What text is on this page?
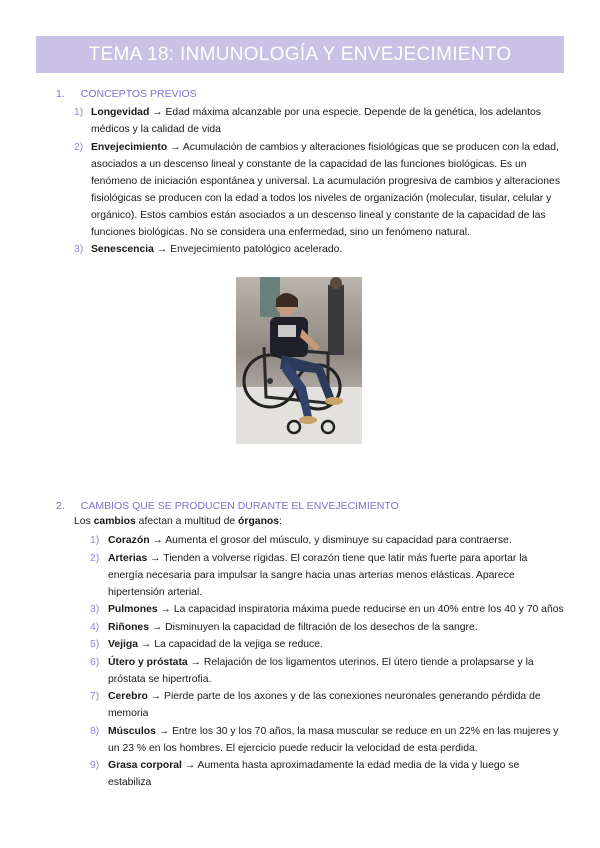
TEMA 18: INMUNOLOGÍA Y ENVEJECIMIENTO
1. CONCEPTOS PREVIOS
1) Longevidad → Edad máxima alcanzable por una especie. Depende de la genética, los adelantos médicos y la calidad de vida
2) Envejecimiento → Acumulación de cambios y alteraciones fisiológicas que se producen con la edad, asociados a un descenso lineal y constante de la capacidad de las funciones biológicas. Es un fenómeno de iniciación espontánea y universal. La acumulación progresiva de cambios y alteraciones fisiológicas se producen con la edad a todos los niveles de organización (molecular, tisular, celular y orgánico). Estos cambios están asociados a un descenso lineal y constante de la capacidad de las funciones biológicas. No se considera una enfermedad, sino un fenómeno natural.
3) Senescencia → Envejecimiento patológico acelerado.
2. CAMBIOS QUE SE PRODUCEN DURANTE EL ENVEJECIMIENTO
Los cambios afectan a multitud de órganos:
1) Corazón → Aumenta el grosor del músculo, y disminuye su capacidad para contraerse.
2) Arterias → Tienden a volverse rígidas. El corazón tiene que latir más fuerte para aportar la energía necesaria para impulsar la sangre hacia unas arterias menos elásticas. Aparece hipertensión arterial.
3) Pulmones → La capacidad inspiratoria máxima puede reducirse en un 40% entre los 40 y 70 años
4) Riñones → Disminuyen la capacidad de filtración de los desechos de la sangre.
5) Vejiga → La capacidad de la vejiga se reduce.
6) Útero y próstata → Relajación de los ligamentos uterinos. El útero tiende a prolapsarse y la próstata se hipertrofia.
7) Cerebro → Pierde parte de los axones y de las conexiones neuronales generando pérdida de memoria
8) Músculos → Entre los 30 y los 70 años, la masa muscular se reduce en un 22% en las mujeres y un 23 % en los hombres. El ejercicio puede reducir la velocidad de esta perdida.
9) Grasa corporal → Aumenta hasta aproximadamente la edad media de la vida y luego se estabiliza
